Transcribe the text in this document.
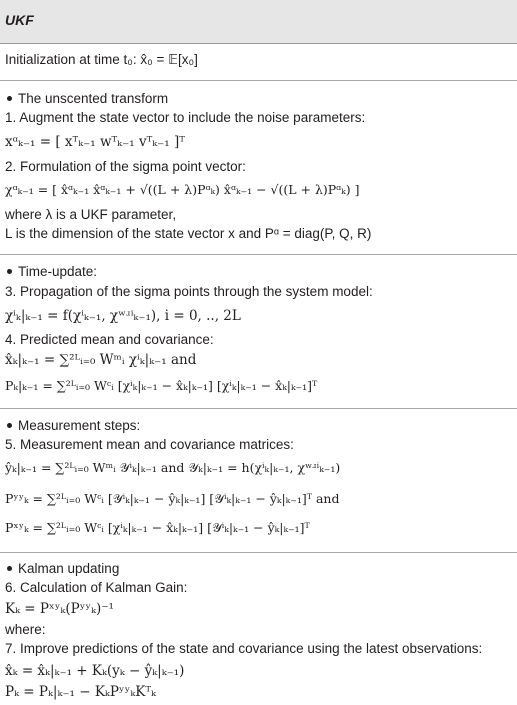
UKF
Initialization at time t₀: x̂₀ = 𝔼[x₀]
The unscented transform
1. Augment the state vector to include the noise parameters:
xᵅₖ₋₁ = [ xᵀₖ₋₁ wᵀₖ₋₁ vᵀₖ₋₁ ]ᵀ
2. Formulation of the sigma point vector:
χᵅₖ₋₁ = [ x̂ᵅₖ₋₁ x̂ᵅₖ₋₁ + √((L + λ)Pᵅₖ) x̂ᵅₖ₋₁ − √((L + λ)Pᵅₖ) ]
where λ is a UKF parameter,
L is the dimension of the state vector x and Pᵅ = diag(P, Q, R)
Time-update:
3. Propagation of the sigma points through the system model:
χⁱₖ|ₖ₋₁ = f(χⁱₖ₋₁, χʷʴⁱₖ₋₁), i = 0, .., 2L
4. Predicted mean and covariance:
x̂ₖ|ₖ₋₁ = ∑²ᴸᵢ₌₀ Wᵐᵢ χⁱₖ|ₖ₋₁ and
Pₖ|ₖ₋₁ = ∑²ᴸᵢ₌₀ Wᶜᵢ [χⁱₖ|ₖ₋₁ − x̂ₖ|ₖ₋₁] [χⁱₖ|ₖ₋₁ − x̂ₖ|ₖ₋₁]ᵀ
Measurement steps:
5. Measurement mean and covariance matrices:
ŷₖ|ₖ₋₁ = ∑²ᴸᵢ₌₀ Wᵐᵢ 𝒴ⁱₖ|ₖ₋₁ and 𝒴ₖ|ₖ₋₁ = h(χⁱₖ|ₖ₋₁, χʷʴⁱₖ₋₁)
Pʸʸₖ = ∑²ᴸᵢ₌₀ Wᶜᵢ [𝒴ⁱₖ|ₖ₋₁ − ŷₖ|ₖ₋₁] [𝒴ⁱₖ|ₖ₋₁ − ŷₖ|ₖ₋₁]ᵀ and
Pˣʸₖ = ∑²ᴸᵢ₌₀ Wᶜᵢ [χⁱₖ|ₖ₋₁ − x̂ₖ|ₖ₋₁] [𝒴ⁱₖ|ₖ₋₁ − ŷₖ|ₖ₋₁]ᵀ
Kalman updating
6. Calculation of Kalman Gain:
Kₖ = Pˣʸₖ(Pʸʸₖ)⁻¹
where:
7. Improve predictions of the state and covariance using the latest observations:
x̂ₖ = x̂ₖ|ₖ₋₁ + Kₖ(yₖ − ŷₖ|ₖ₋₁)
Pₖ = Pₖ|ₖ₋₁ − KₖPʸʸₖKᵀₖ
